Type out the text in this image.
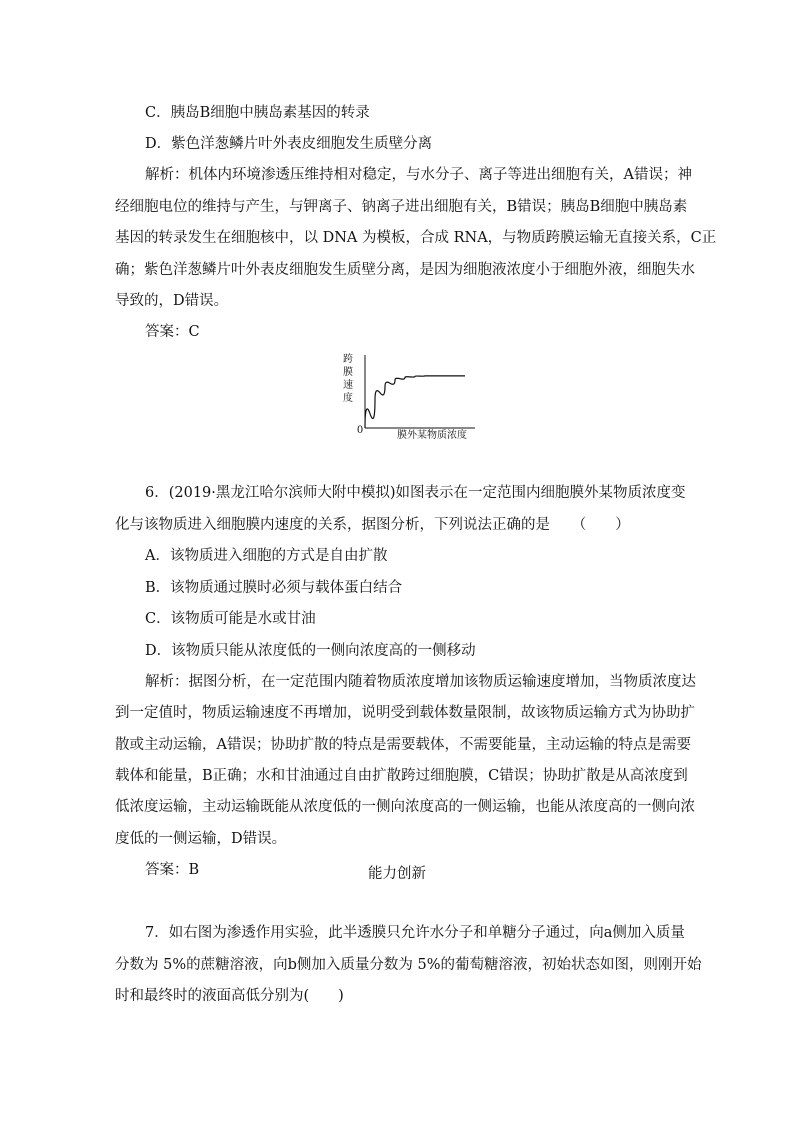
C．胰岛B细胞中胰岛素基因的转录
D．紫色洋葱鳞片叶外表皮细胞发生质壁分离
解析：机体内环境渗透压维持相对稳定，与水分子、离子等进出细胞有关，A错误；神
经细胞电位的维持与产生，与钾离子、钠离子进出细胞有关，B错误；胰岛B细胞中胰岛素
基因的转录发生在细胞核中，以 DNA 为模板，合成 RNA，与物质跨膜运输无直接关系，C正
确；紫色洋葱鳞片叶外表皮细胞发生质壁分离，是因为细胞液浓度小于细胞外液，细胞失水
导致的，D错误。
答案：C
跨
膜
速
度
0	膜外某物质浓度
6．(2019·黑龙江哈尔滨师大附中模拟)如图表示在一定范围内细胞膜外某物质浓度变
化与该物质进入细胞膜内速度的关系，据图分析，下列说法正确的是　　（　　）
A．该物质进入细胞的方式是自由扩散
B．该物质通过膜时必须与载体蛋白结合
C．该物质可能是水或甘油
D．该物质只能从浓度低的一侧向浓度高的一侧移动
解析：据图分析，在一定范围内随着物质浓度增加该物质运输速度增加，当物质浓度达
到一定值时，物质运输速度不再增加，说明受到载体数量限制，故该物质运输方式为协助扩
散或主动运输，A错误；协助扩散的特点是需要载体，不需要能量，主动运输的特点是需要
载体和能量，B正确；水和甘油通过自由扩散跨过细胞膜，C错误；协助扩散是从高浓度到
低浓度运输，主动运输既能从浓度低的一侧向浓度高的一侧运输，也能从浓度高的一侧向浓
度低的一侧运输，D错误。
答案：B	能力创新
7．如右图为渗透作用实验，此半透膜只允许水分子和单糖分子通过，向a侧加入质量
分数为 5%的蔗糖溶液，向b侧加入质量分数为 5%的葡萄糖溶液，初始状态如图，则刚开始
时和最终时的液面高低分别为(　　)
